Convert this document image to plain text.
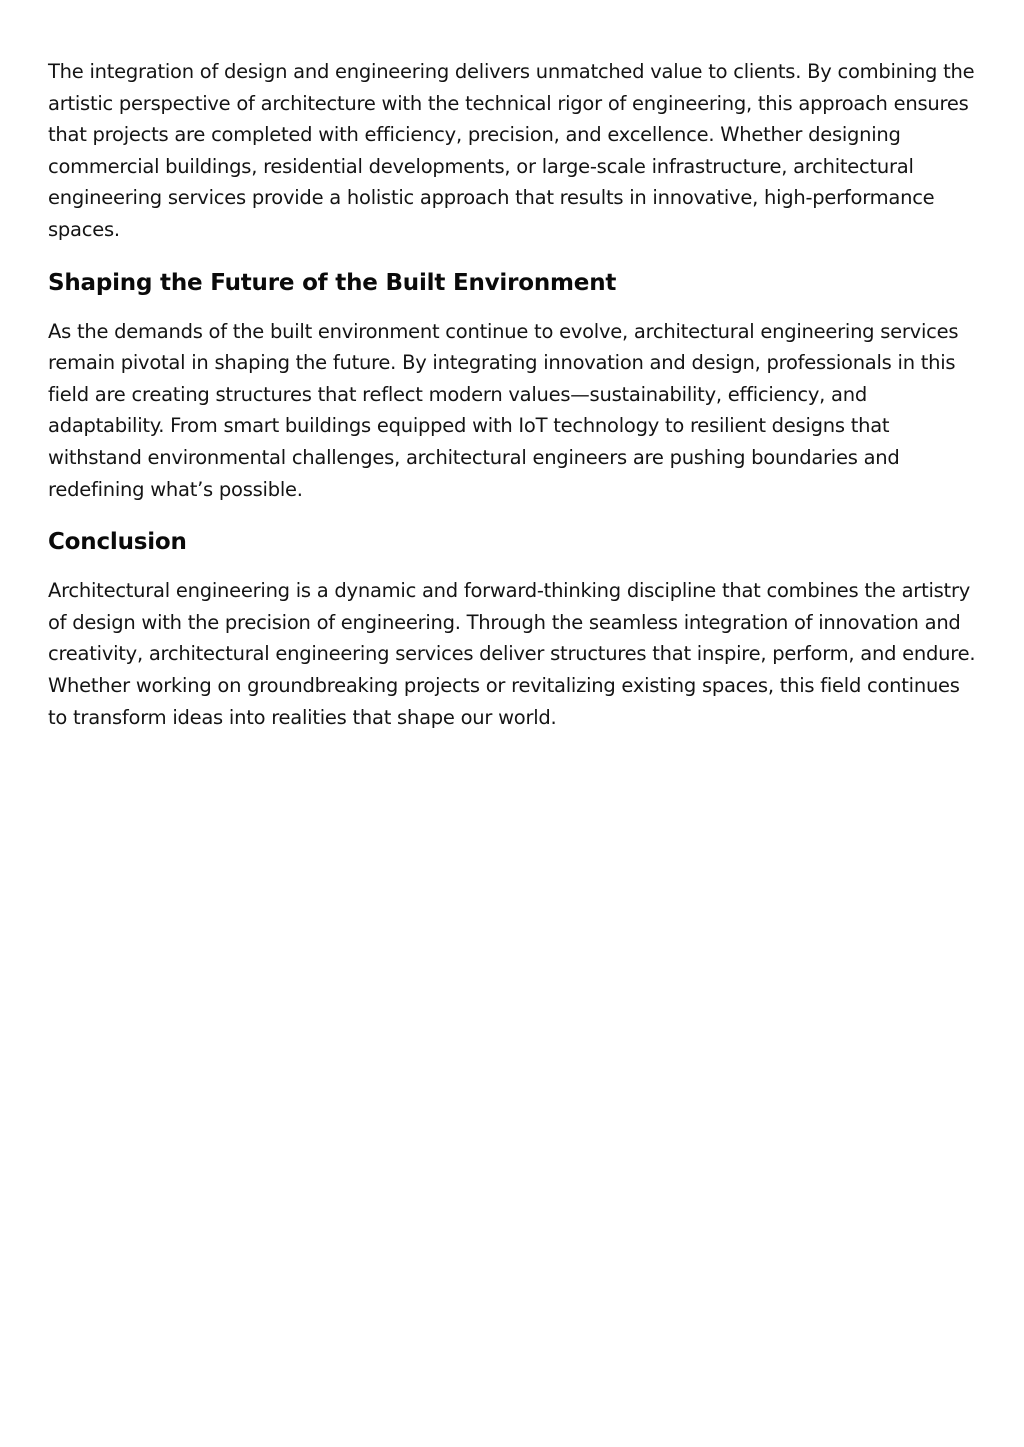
The integration of design and engineering delivers unmatched value to clients. By combining the artistic perspective of architecture with the technical rigor of engineering, this approach ensures that projects are completed with efficiency, precision, and excellence. Whether designing commercial buildings, residential developments, or large-scale infrastructure, architectural engineering services provide a holistic approach that results in innovative, high-performance spaces.

Shaping the Future of the Built Environment

As the demands of the built environment continue to evolve, architectural engineering services remain pivotal in shaping the future. By integrating innovation and design, professionals in this field are creating structures that reflect modern values—sustainability, efficiency, and adaptability. From smart buildings equipped with IoT technology to resilient designs that withstand environmental challenges, architectural engineers are pushing boundaries and redefining what’s possible.

Conclusion

Architectural engineering is a dynamic and forward-thinking discipline that combines the artistry of design with the precision of engineering. Through the seamless integration of innovation and creativity, architectural engineering services deliver structures that inspire, perform, and endure. Whether working on groundbreaking projects or revitalizing existing spaces, this field continues to transform ideas into realities that shape our world.
